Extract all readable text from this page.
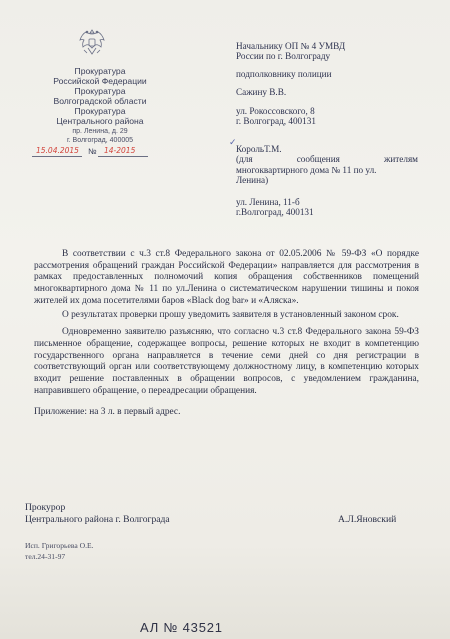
Прокуратура
Российской Федерации
Прокуратура
Волгоградской области
Прокуратура
Центрального района
пр. Ленина, д. 29
г. Волгоград, 400005
15.04.2015 № 14-2015
Начальнику ОП № 4 УМВД
России по г. Волгограду
подполковнику полиции
Сажину В.В.
ул. Рокоссовского, 8
г. Волгоград, 400131
✓
КорольТ.М.
(для сообщения жителям
многоквартирного дома № 11 по ул.
Ленина)
ул. Ленина, 11-б
г.Волгоград, 400131

В соответствии с ч.3 ст.8 Федерального закона от 02.05.2006 № 59-ФЗ «О порядке рассмотрения обращений граждан Российской Федерации» направляется для рассмотрения в рамках предоставленных полномочий копия обращения собственников помещений многоквартирного дома № 11 по ул.Ленина о систематическом нарушении тишины и покоя жителей их дома посетителями баров «Black dog bar» и «Аляска».

О результатах проверки прошу уведомить заявителя в установленный законом срок.

Одновременно заявителю разъясняю, что согласно ч.3 ст.8 Федерального закона 59-ФЗ письменное обращение, содержащее вопросы, решение которых не входит в компетенцию государственного органа направляется в течение семи дней со дня регистрации в соответствующий орган или соответствующему должностному лицу, в компетенцию которых входит решение поставленных в обращении вопросов, с уведомлением гражданина, направившего обращение, о переадресации обращения.

Приложение: на 3 л. в первый адрес.

Прокурор
Центрального района г. Волгограда	А.Л.Яновский
Исп. Григорьева О.Е.
тел.24-31-97
АЛ № 43521
